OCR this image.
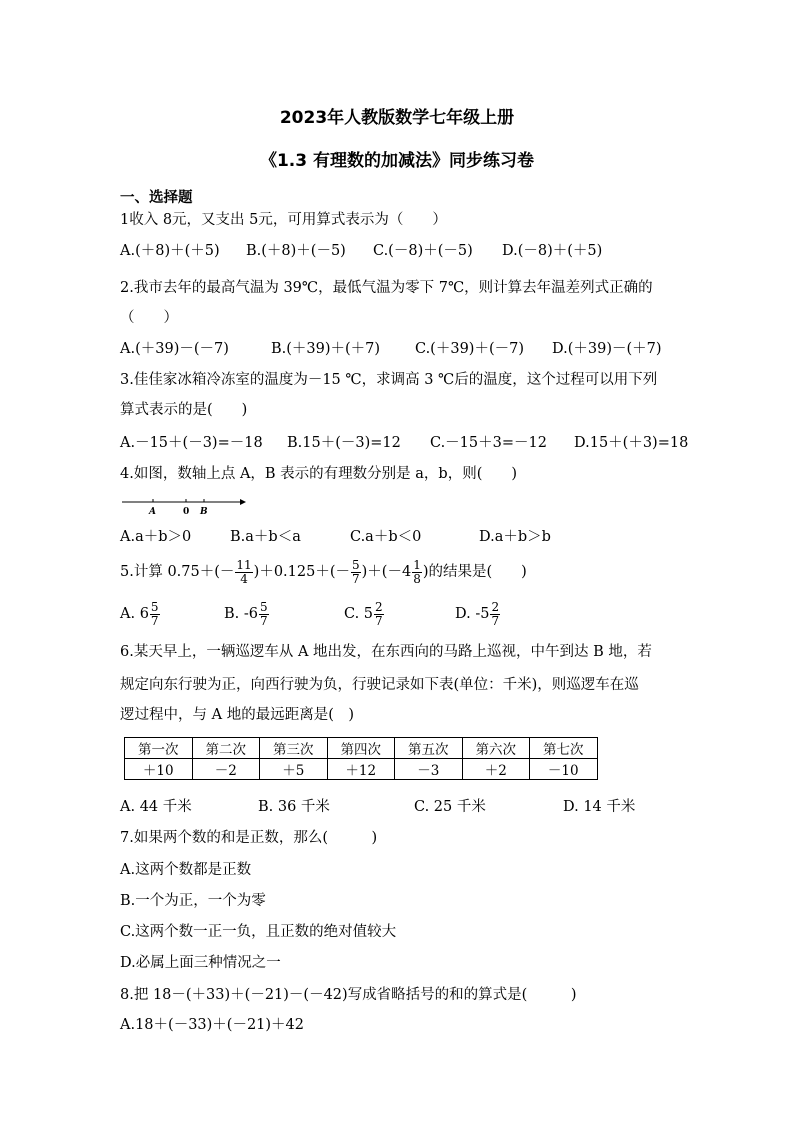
2023年人教版数学七年级上册
《1.3 有理数的加减法》同步练习卷
一、选择题
1收入 8元，又支出 5元，可用算式表示为（　　）
A.(＋8)＋(＋5) B.(＋8)＋(－5) C.(－8)＋(－5) D.(－8)＋(＋5)
2.我市去年的最高气温为 39℃，最低气温为零下 7℃，则计算去年温差列式正确的
（　　）
A.(＋39)－(－7)	B.(＋39)＋(＋7) C.(＋39)＋(－7) D.(＋39)－(＋7)
3.佳佳家冰箱冷冻室的温度为－15 ℃，求调高 3 ℃后的温度，这个过程可以用下列
算式表示的是(　　)
A.－15＋(－3)=－18 B.15＋(－3)=12 C.－15＋3=－12 D.15＋(＋3)=18
4.如图，数轴上点 A，B 表示的有理数分别是 a，b，则(　　)
A	0 B
A.a＋b＞0	B.a＋b＜a	C.a＋b＜0	D.a＋b＞b
5.计算 $0.75+(- \frac{11}{4} )+0.125+(- \frac{5}{7} )+(-4 \frac{1}{8}$ )的结果是(　　)
A. $6 \frac{5}{7}$	B. $-6 \frac{5}{7}$	C. $5 \frac{2}{7}$	D. $-5 \frac{2}{7}$
6.某天早上，一辆巡逻车从 A 地出发，在东西向的马路上巡视，中午到达 B 地，若
规定向东行驶为正，向西行驶为负，行驶记录如下表(单位：千米)，则巡逻车在巡
逻过程中，与 A 地的最远距离是(　)
第一次	第二次	第三次	第四次	第五次	第六次	第七次
＋10	－2	＋5	＋12	－3	＋2	－10
A. 44 千米	B. 36 千米	C. 25 千米	D. 14 千米
7.如果两个数的和是正数，那么(　　　)
A.这两个数都是正数
B.一个为正，一个为零
C.这两个数一正一负，且正数的绝对值较大
D.必属上面三种情况之一
8.把 18－(＋33)＋(－21)－(－42)写成省略括号的和的算式是(　　　)
A.18＋(－33)＋(－21)＋42
